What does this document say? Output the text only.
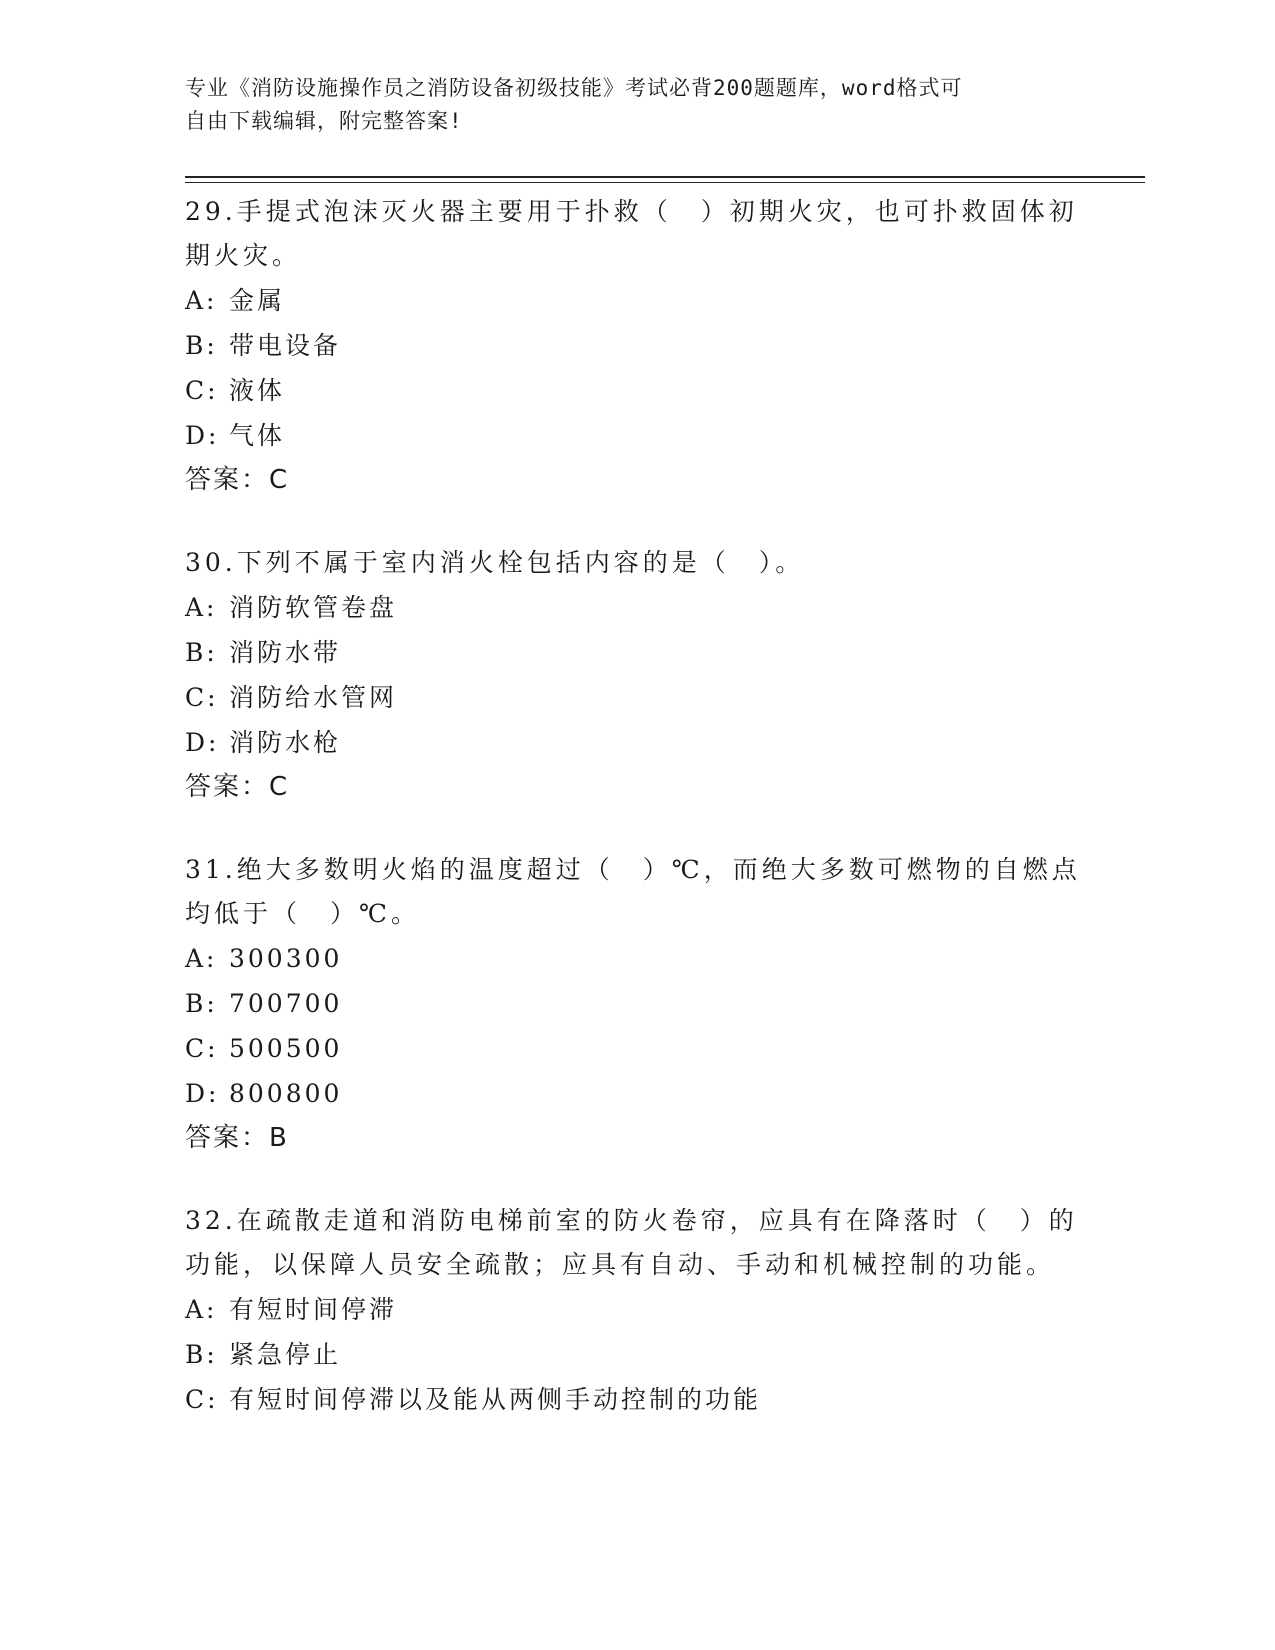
专业《消防设施操作员之消防设备初级技能》考试必背200题题库，word格式可
自由下载编辑，附完整答案!

29.手提式泡沫灭火器主要用于扑救（　）初期火灾，也可扑救固体初

期火灾。

A: 金属

B: 带电设备

C: 液体

D: 气体

答案：C

30.下列不属于室内消火栓包括内容的是（　）。

A: 消防软管卷盘

B: 消防水带

C: 消防给水管网

D: 消防水枪

答案：C

31.绝大多数明火焰的温度超过（　）℃，而绝大多数可燃物的自燃点

均低于（　）℃。

A: 300300

B: 700700

C: 500500

D: 800800

答案：B

32.在疏散走道和消防电梯前室的防火卷帘，应具有在降落时（　）的

功能，以保障人员安全疏散；应具有自动、手动和机械控制的功能。

A: 有短时间停滞

B: 紧急停止

C: 有短时间停滞以及能从两侧手动控制的功能
